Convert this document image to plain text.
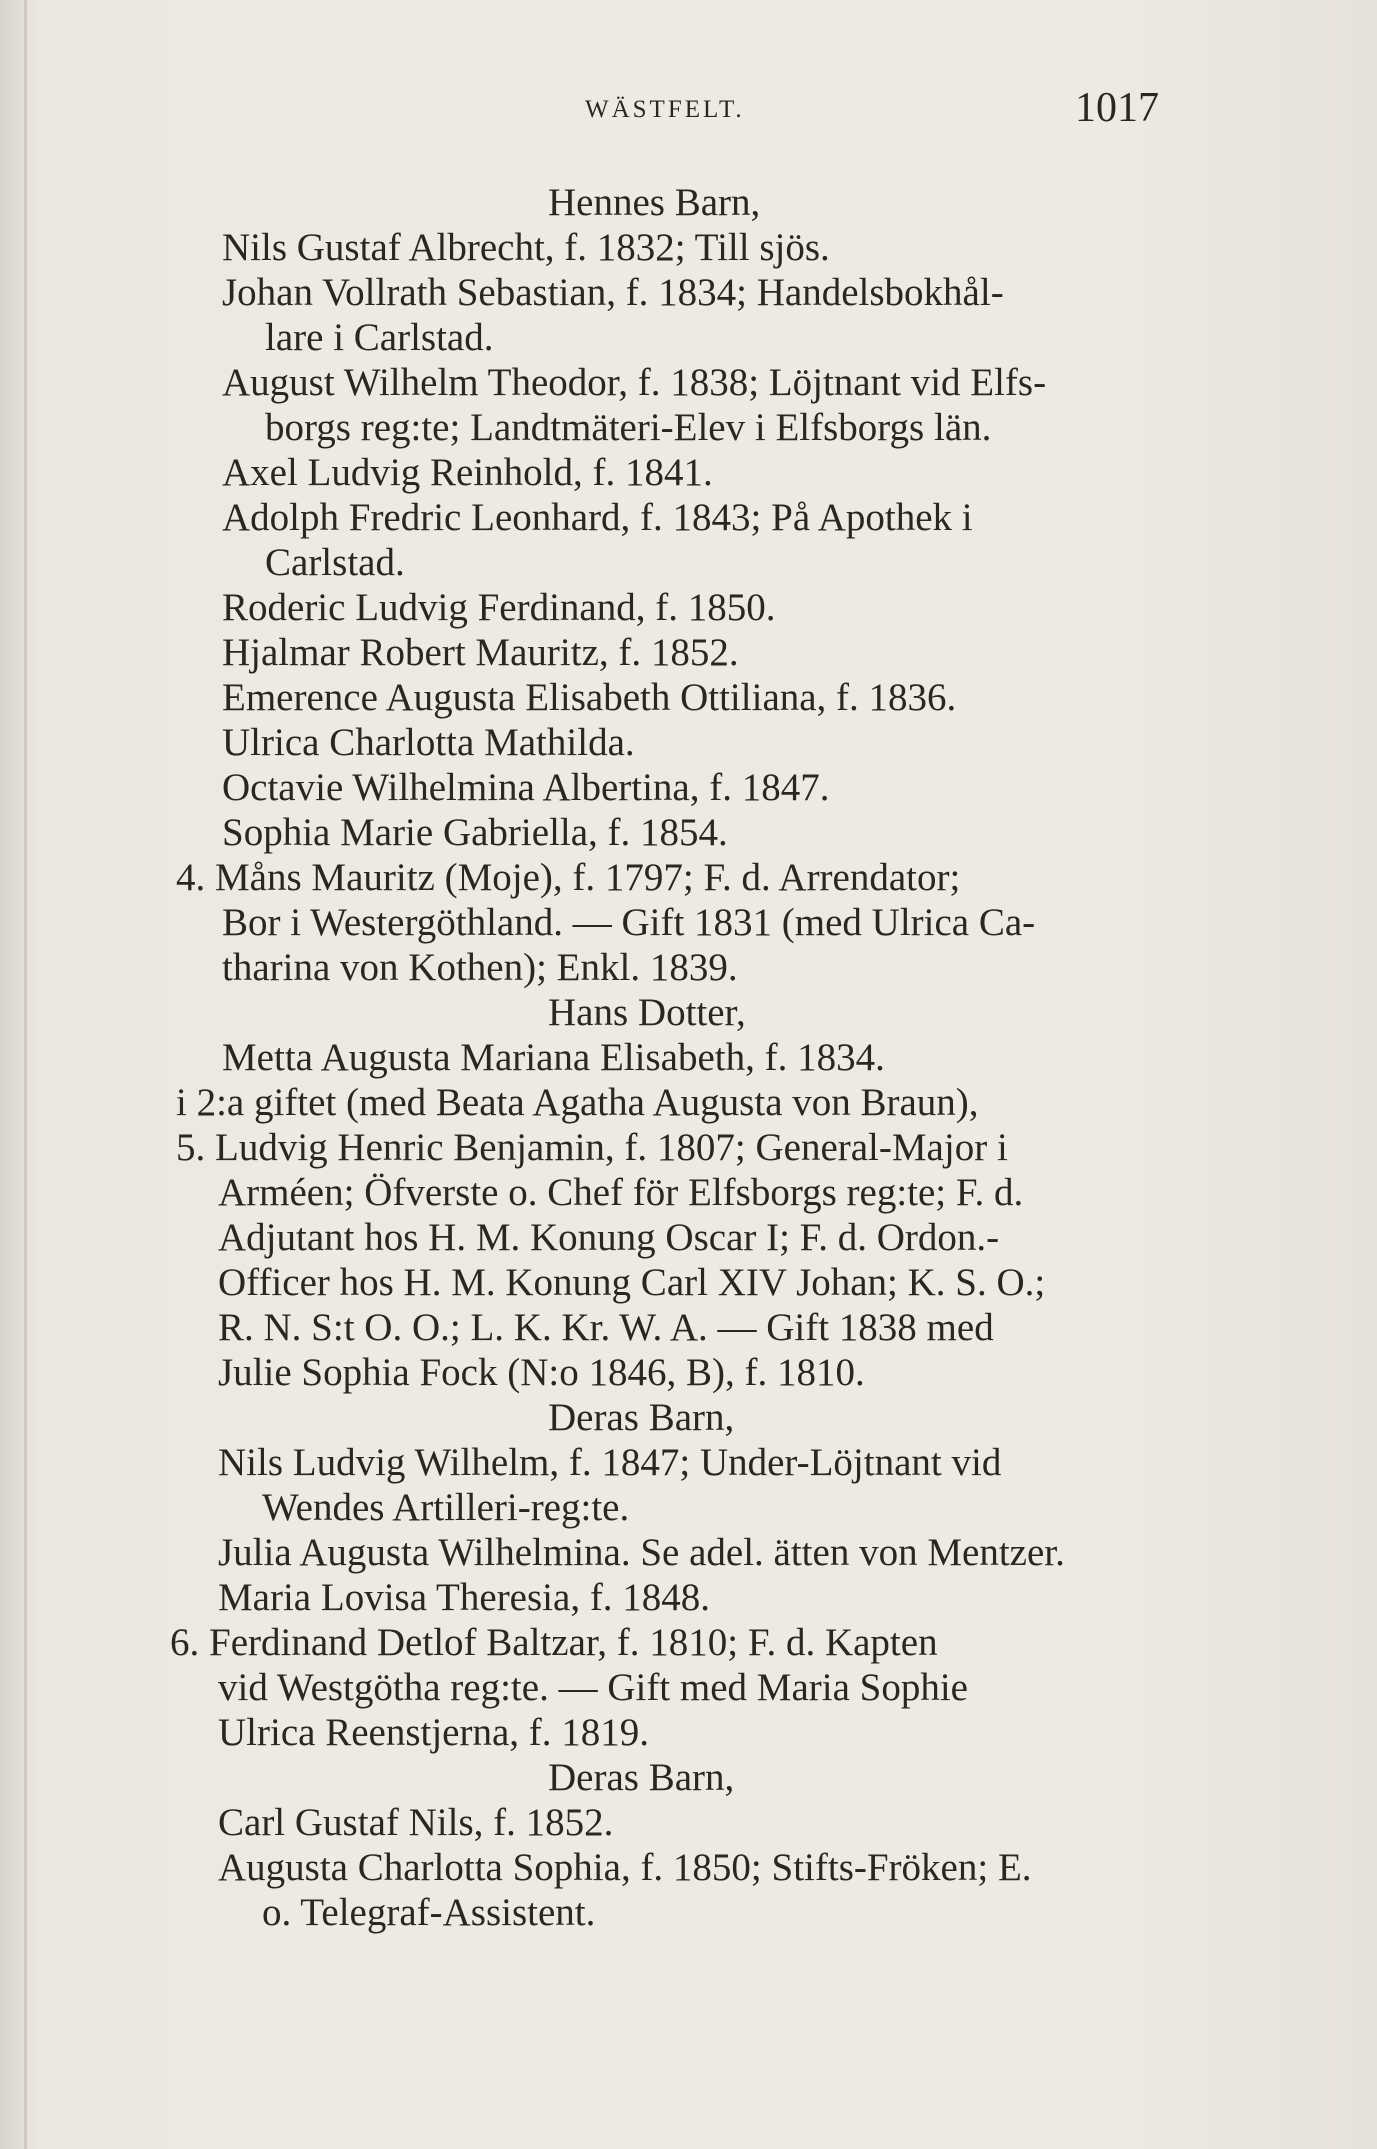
WÄSTFELT.	1017
Hennes Barn,
Nils Gustaf Albrecht, f. 1832; Till sjös.
Johan Vollrath Sebastian, f. 1834; Handelsbokhål-
lare i Carlstad.
August Wilhelm Theodor, f. 1838; Löjtnant vid Elfs-
borgs reg:te; Landtmäteri-Elev i Elfsborgs län.
Axel Ludvig Reinhold, f. 1841.
Adolph Fredric Leonhard, f. 1843; På Apothek i
Carlstad.
Roderic Ludvig Ferdinand, f. 1850.
Hjalmar Robert Mauritz, f. 1852.
Emerence Augusta Elisabeth Ottiliana, f. 1836.
Ulrica Charlotta Mathilda.
Octavie Wilhelmina Albertina, f. 1847.
Sophia Marie Gabriella, f. 1854.
4. Måns Mauritz (Moje), f. 1797; F. d. Arrendator;
Bor i Westergöthland. — Gift 1831 (med Ulrica Ca-
tharina von Kothen); Enkl. 1839.
Hans Dotter,
Metta Augusta Mariana Elisabeth, f. 1834.
i 2:a giftet (med Beata Agatha Augusta von Braun),
5. Ludvig Henric Benjamin, f. 1807; General-Major i
Arméen; Öfverste o. Chef för Elfsborgs reg:te; F. d.
Adjutant hos H. M. Konung Oscar I; F. d. Ordon.-
Officer hos H. M. Konung Carl XIV Johan; K. S. O.;
R. N. S:t O. O.; L. K. Kr. W. A. — Gift 1838 med
Julie Sophia Fock (N:o 1846, B), f. 1810.
Deras Barn,
Nils Ludvig Wilhelm, f. 1847; Under-Löjtnant vid
Wendes Artilleri-reg:te.
Julia Augusta Wilhelmina. Se adel. ätten von Mentzer.
Maria Lovisa Theresia, f. 1848.
6. Ferdinand Detlof Baltzar, f. 1810; F. d. Kapten
vid Westgötha reg:te. — Gift med Maria Sophie
Ulrica Reenstjerna, f. 1819.
Deras Barn,
Carl Gustaf Nils, f. 1852.
Augusta Charlotta Sophia, f. 1850; Stifts-Fröken; E.
o. Telegraf-Assistent.
